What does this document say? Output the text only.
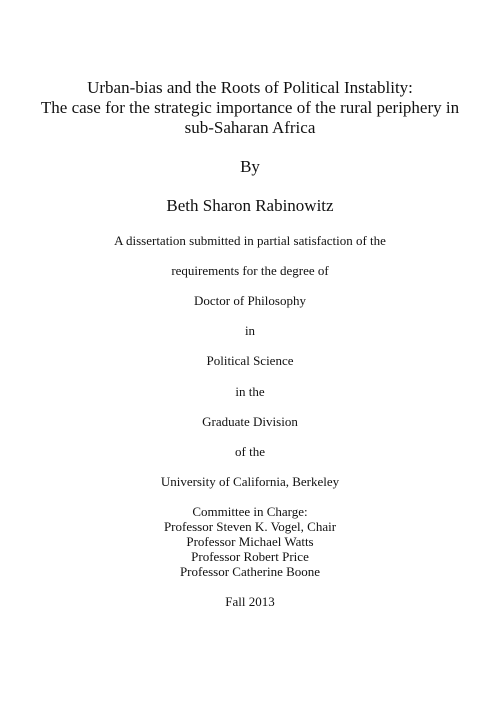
Urban-bias and the Roots of Political Instablity:
The case for the strategic importance of the rural periphery in
sub-Saharan Africa
By
Beth Sharon Rabinowitz
A dissertation submitted in partial satisfaction of the
requirements for the degree of
Doctor of Philosophy
in
Political Science
in the
Graduate Division
of the
University of California, Berkeley
Committee in Charge:
Professor Steven K. Vogel, Chair
Professor Michael Watts
Professor Robert Price
Professor Catherine Boone
Fall 2013
